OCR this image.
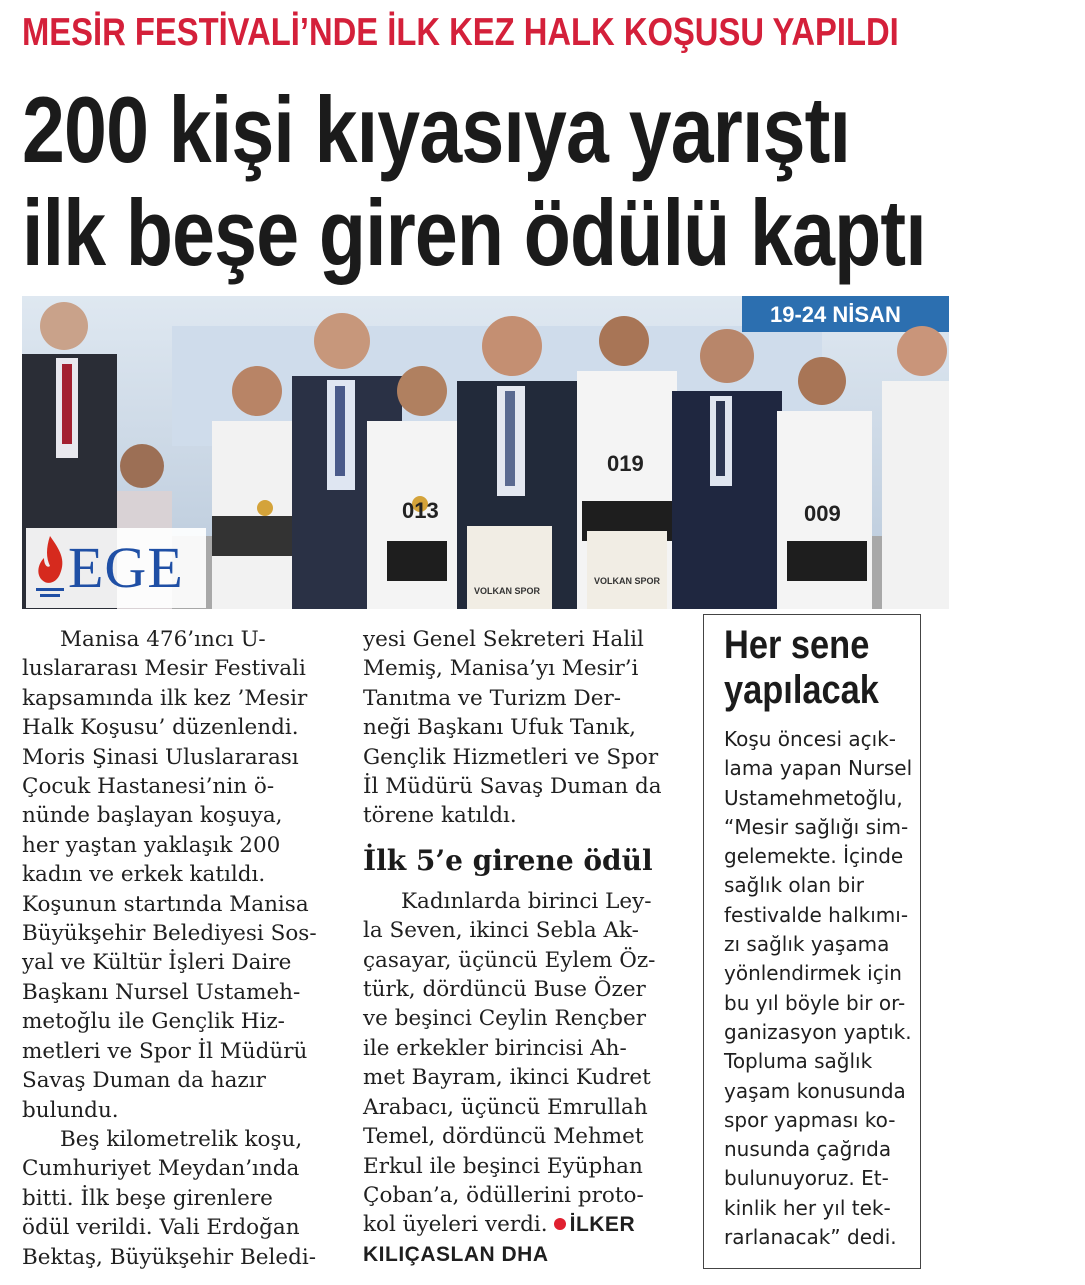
MESİR FESTİVALİ’NDE İLK KEZ HALK KOŞUSU YAPILDI
200 kişi kıyasıya yarıştı
ilk beşe giren ödülü kaptı
19-24 NİSAN
013
VOLKAN SPOR
019
VOLKAN SPOR
009
EGE

Manisa 476’ıncı U-
luslararası Mesir Festivali
kapsamında ilk kez ’Mesir
Halk Koşusu’ düzenlendi.
Moris Şinasi Uluslararası
Çocuk Hastanesi’nin ö-
nünde başlayan koşuya,
her yaştan yaklaşık 200
kadın ve erkek katıldı.
Koşunun startında Manisa
Büyükşehir Belediyesi Sos-
yal ve Kültür İşleri Daire
Başkanı Nursel Ustameh-
metoğlu ile Gençlik Hiz-
metleri ve Spor İl Müdürü
Savaş Duman da hazır
bulundu.

Beş kilometrelik koşu,
Cumhuriyet Meydan’ında
bitti. İlk beşe girenlere
ödül verildi. Vali Erdoğan
Bektaş, Büyükşehir Beledi-

yesi Genel Sekreteri Halil
Memiş, Manisa’yı Mesir’i
Tanıtma ve Turizm Der-
neği Başkanı Ufuk Tanık,
Gençlik Hizmetleri ve Spor
İl Müdürü Savaş Duman da
törene katıldı.

İlk 5’e girene ödül

Kadınlarda birinci Ley-
la Seven, ikinci Sebla Ak-
çasayar, üçüncü Eylem Öz-
türk, dördüncü Buse Özer
ve beşinci Ceylin Rençber
ile erkekler birincisi Ah-
met Bayram, ikinci Kudret
Arabacı, üçüncü Emrullah
Temel, dördüncü Mehmet
Erkul ile beşinci Eyüphan
Çoban’a, ödüllerini proto-
kol üyeleri verdi. İLKER
KILIÇASLAN DHA

Her sene yapılacak
Koşu öncesi açık-
lama yapan Nursel
Ustamehmetoğlu,
“Mesir sağlığı sim-
gelemekte. İçinde
sağlık olan bir
festivalde halkımı-
zı sağlık yaşama
yönlendirmek için
bu yıl böyle bir or-
ganizasyon yaptık.
Topluma sağlık
yaşam konusunda
spor yapması ko-
nusunda çağrıda
bulunuyoruz. Et-
kinlik her yıl tek-
rarlanacak” dedi.
